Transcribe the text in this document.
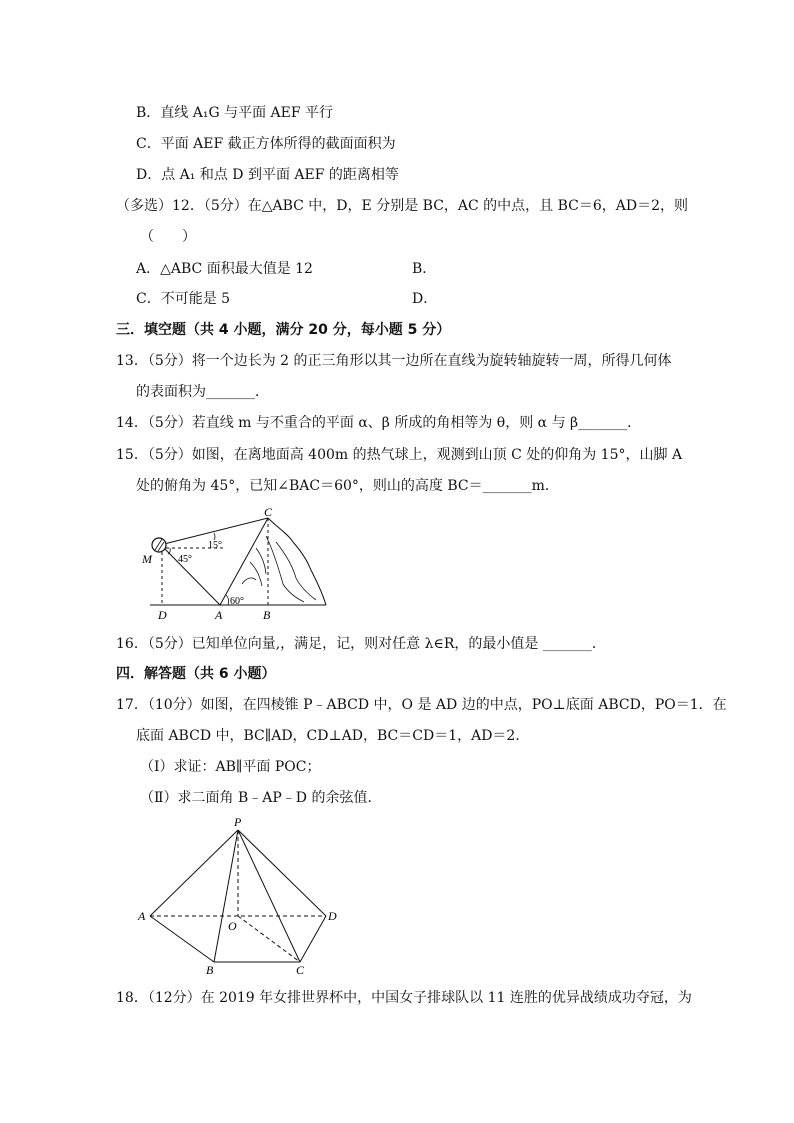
B．直线 A₁G 与平面 AEF 平行
C．平面 AEF 截正方体所得的截面面积为
D．点 A₁ 和点 D 到平面 AEF 的距离相等
（多选）12．（5分）在△ABC 中，D，E 分别是 BC，AC 的中点，且 BC＝6，AD＝2，则
（　　）
A．△ABC 面积最大值是 12	B．
C．不可能是 5	D．
三．填空题（共 4 小题，满分 20 分，每小题 5 分）
13．（5分）将一个边长为 2 的正三角形以其一边所在直线为旋转轴旋转一周，所得几何体
的表面积为_______．
14．（5分）若直线 m 与不重合的平面 α、β 所成的角相等为 θ，则 α 与 β_______．
15．（5分）如图，在离地面高 400m 的热气球上，观测到山顶 C 处的仰角为 15°，山脚 A
处的俯角为 45°，已知∠BAC＝60°，则山的高度 BC＝_______m．
C
M
D	A	B
15°
45°
60°
16．（5分）已知单位向量,，满足，记，则对任意 λ∈R，的最小值是 _______．
四．解答题（共 6 小题）
17．（10分）如图，在四棱锥 P﹣ABCD 中，O 是 AD 边的中点，PO⊥底面 ABCD，PO＝1．在
底面 ABCD 中，BC∥AD，CD⊥AD，BC＝CD＝1，AD＝2．
（Ⅰ）求证：AB∥平面 POC；
（Ⅱ）求二面角 B﹣AP﹣D 的余弦值．
P
A
O
D
B	C
18．（12分）在 2019 年女排世界杯中，中国女子排球队以 11 连胜的优异战绩成功夺冠，为
